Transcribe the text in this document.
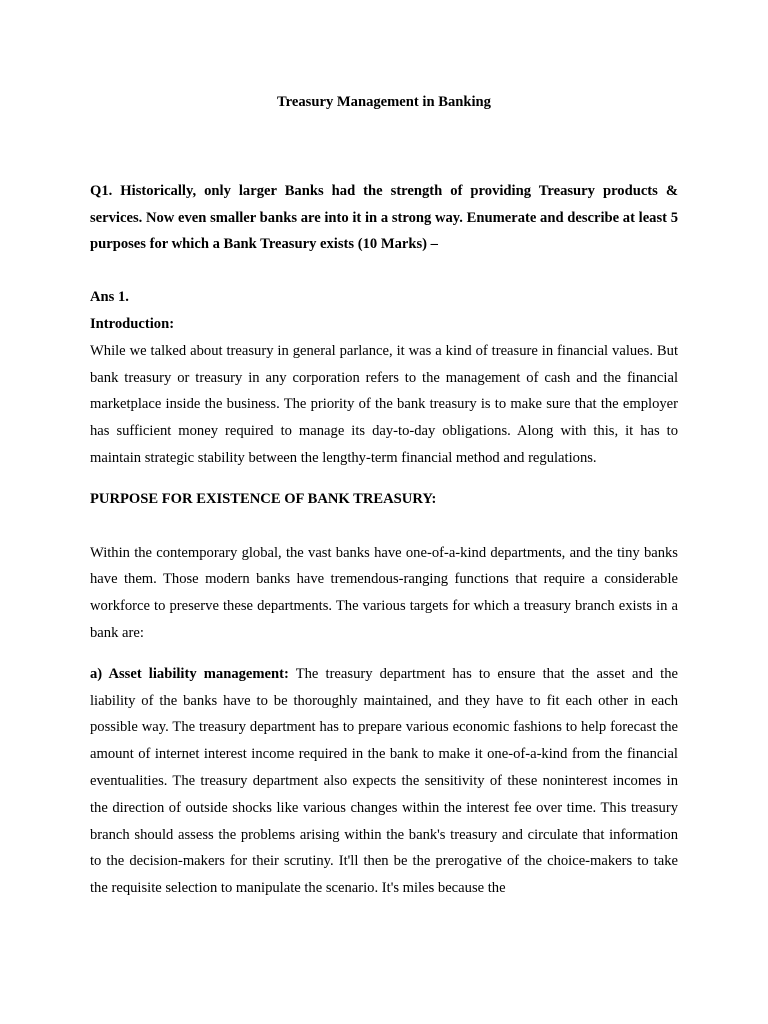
Treasury Management in Banking

Q1. Historically, only larger Banks had the strength of providing Treasury products & services. Now even smaller banks are into it in a strong way. Enumerate and describe at least 5 purposes for which a Bank Treasury exists (10 Marks) –

Ans 1.

Introduction:

While we talked about treasury in general parlance, it was a kind of treasure in financial values. But bank treasury or treasury in any corporation refers to the management of cash and the financial marketplace inside the business. The priority of the bank treasury is to make sure that the employer has sufficient money required to manage its day-to-day obligations. Along with this, it has to maintain strategic stability between the lengthy-term financial method and regulations.

PURPOSE FOR EXISTENCE OF BANK TREASURY:

Within the contemporary global, the vast banks have one-of-a-kind departments, and the tiny banks have them. Those modern banks have tremendous-ranging functions that require a considerable workforce to preserve these departments. The various targets for which a treasury branch exists in a bank are:

a) Asset liability management: The treasury department has to ensure that the asset and the liability of the banks have to be thoroughly maintained, and they have to fit each other in each possible way. The treasury department has to prepare various economic fashions to help forecast the amount of internet interest income required in the bank to make it one-of-a-kind from the financial eventualities. The treasury department also expects the sensitivity of these noninterest incomes in the direction of outside shocks like various changes within the interest fee over time. This treasury branch should assess the problems arising within the bank's treasury and circulate that information to the decision-makers for their scrutiny. It'll then be the prerogative of the choice-makers to take the requisite selection to manipulate the scenario. It's miles because the
